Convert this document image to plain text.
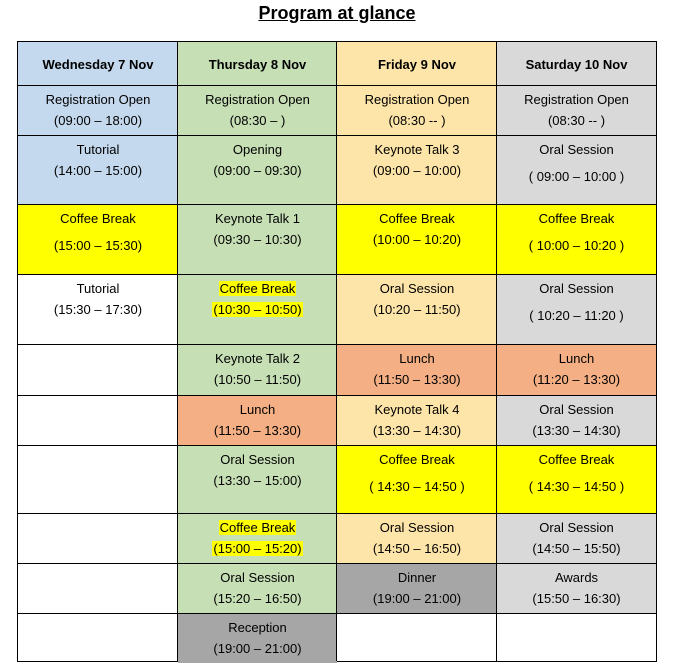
Program at glance
Wednesday 7 Nov
Registration Open
(09:00 – 18:00)
Tutorial
(14:00 – 15:00)
Coffee Break
(15:00 – 15:30)
Tutorial
(15:30 – 17:30)
Thursday 8 Nov
Registration Open
(08:30 – )
Opening
(09:00 – 09:30)
Keynote Talk 1
(09:30 – 10:30)
Coffee Break
(10:30 – 10:50)
Keynote Talk 2
(10:50 – 11:50)
Lunch
(11:50 – 13:30)
Oral Session
(13:30 – 15:00)
Coffee Break
(15:00 – 15:20)
Oral Session
(15:20 – 16:50)
Reception
(19:00 – 21:00)
Friday 9 Nov
Registration Open
(08:30 -- )
Keynote Talk 3
(09:00 – 10:00)
Coffee Break
(10:00 – 10:20)
Oral Session
(10:20 – 11:50)
Lunch
(11:50 – 13:30)
Keynote Talk 4
(13:30 – 14:30)
Coffee Break
( 14:30 – 14:50 )
Oral Session
(14:50 – 16:50)
Dinner
(19:00 – 21:00)
Saturday 10 Nov
Registration Open
(08:30 -- )
Oral Session
( 09:00 – 10:00 )
Coffee Break
( 10:00 – 10:20 )
Oral Session
( 10:20 – 11:20 )
Lunch
(11:20 – 13:30)
Oral Session
(13:30 – 14:30)
Coffee Break
( 14:30 – 14:50 )
Oral Session
(14:50 – 15:50)
Awards
(15:50 – 16:30)
